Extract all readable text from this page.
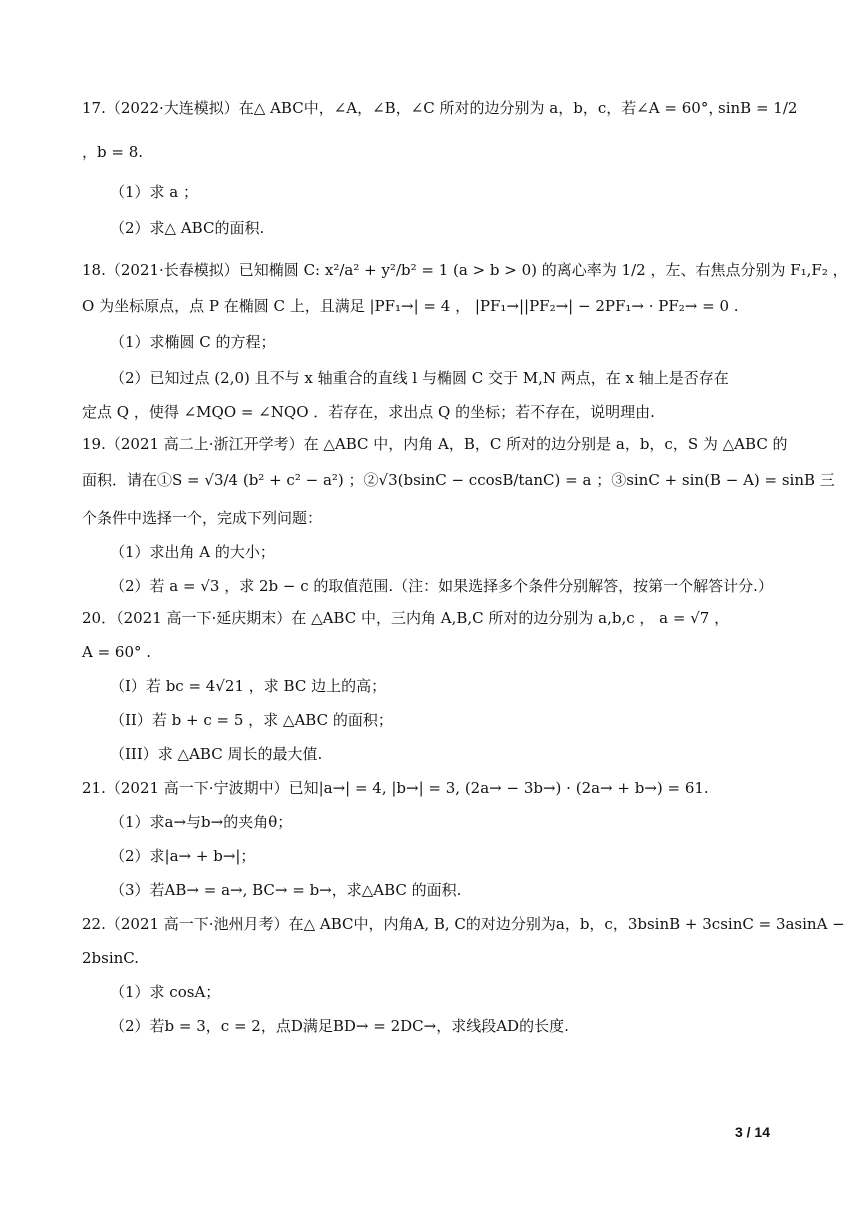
17.（2022·大连模拟）在△ ABC中，∠A，∠B，∠C 所对的边分别为 a，b，c，若∠A = 60°，
sinB = 1/2
，b = 8.
（1）求 a ；
（2）求△ ABC的面积.
18.（2021·长春模拟）已知椭圆 C: x²/a² + y²/b² = 1 (a > b > 0) 的离心率为 1/2 ，左、右焦点分别为 F₁,F₂ ，
O 为坐标原点，点 P 在椭圆 C 上，且满足 |PF₁→| = 4 ， |PF₁→||PF₂→| − 2PF₁→ · PF₂→ = 0 .
（1）求椭圆 C 的方程；
（2）已知过点 (2,0) 且不与 x 轴重合的直线 l 与椭圆 C 交于 M,N 两点，在 x 轴上是否存在
定点 Q ，使得 ∠MQO = ∠NQO ．若存在，求出点 Q 的坐标；若不存在，说明理由.
19.（2021 高二上·浙江开学考）在 △ABC 中，内角 A，B，C 所对的边分别是 a，b，c，S 为 △ABC 的
面积．请在①S = √3/4 (b² + c² − a²) ；②√3(bsinC − ccosB/tanC) = a ；③sinC + sin(B − A) = sinB 三
个条件中选择一个，完成下列问题：
（1）求出角 A 的大小；
（2）若 a = √3 ，求 2b − c 的取值范围.（注：如果选择多个条件分别解答，按第一个解答计分.）
20．（2021 高一下·延庆期末）在 △ABC 中，三内角 A,B,C 所对的边分别为 a,b,c ， a = √7 ，
A = 60° .
（I）若 bc = 4√21 ，求 BC 边上的高；
（II）若 b + c = 5 ，求 △ABC 的面积；
（III）求 △ABC 周长的最大值.
21.（2021 高一下·宁波期中）已知|a→| = 4, |b→| = 3, (2a→ − 3b→) · (2a→ + b→) = 61.
（1）求a→与b→的夹角θ；
（2）求|a→ + b→|；
（3）若AB→ = a→, BC→ = b→，求△ABC 的面积.
22.（2021 高一下·池州月考）在△ ABC中，内角A, B, C的对边分别为a，b，c，3bsinB + 3csinC = 3asinA −
2bsinC.
（1）求 cosA；
（2）若b = 3，c = 2，点D满足BD→ = 2DC→，求线段AD的长度.
3 / 14
